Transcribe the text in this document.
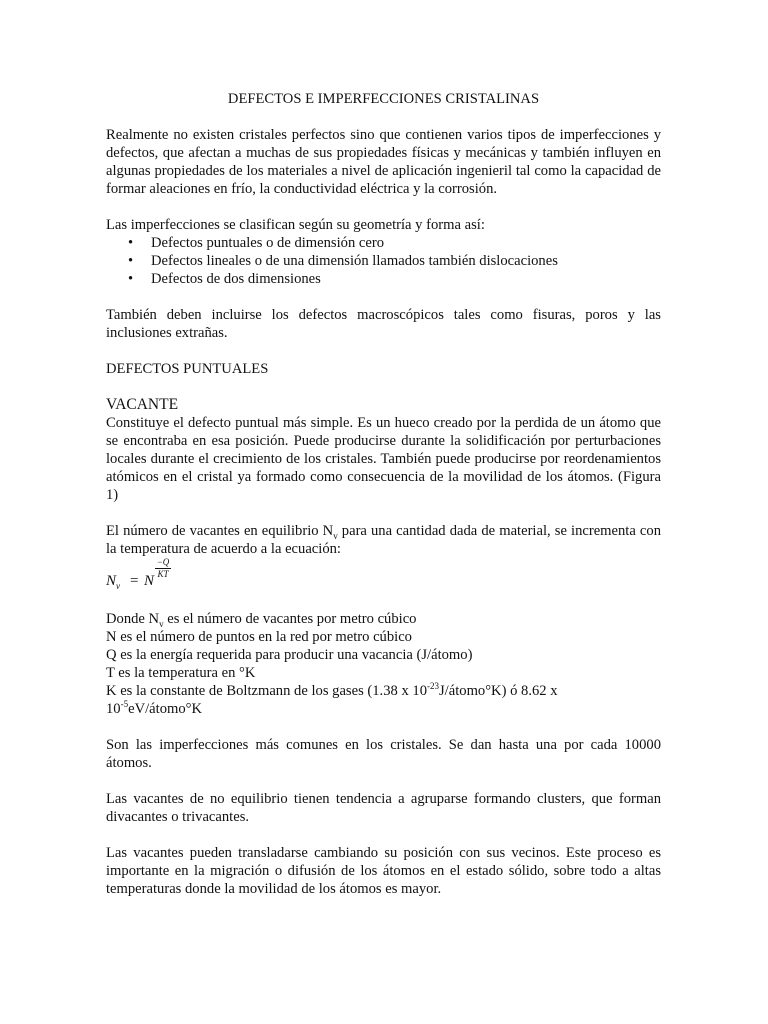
DEFECTOS E IMPERFECCIONES CRISTALINAS

Realmente no existen cristales perfectos sino que contienen varios tipos de imperfecciones y defectos, que afectan a muchas de sus propiedades físicas y mecánicas y también influyen en algunas propiedades de los materiales a nivel de aplicación ingenieril tal como la capacidad de formar aleaciones en frío, la conductividad eléctrica y la corrosión.

Las imperfecciones se clasifican según su geometría y forma así:

• Defectos puntuales o de dimensión cero
• Defectos lineales o de una dimensión llamados también dislocaciones
• Defectos de dos dimensiones

También deben incluirse los defectos macroscópicos tales como fisuras, poros y las inclusiones extrañas.

DEFECTOS PUNTUALES
VACANTE

Constituye el defecto puntual más simple. Es un hueco creado por la perdida de un átomo que se encontraba en esa posición. Puede producirse durante la solidificación por perturbaciones locales durante el crecimiento de los cristales. También puede producirse por reordenamientos atómicos en el cristal ya formado como consecuencia de la movilidad de los átomos. (Figura 1)

El número de vacantes en equilibrio $N_v$ para una cantidad dada de material, se incrementa con la temperatura de acuerdo a la ecuación:

$N_v = N$
$\frac{-Q}{KT}$

Donde $N_v$ es el número de vacantes por metro cúbico

N es el número de puntos en la red por metro cúbico

Q es la energía requerida para producir una vacancia (J/átomo)

T es la temperatura en °K

K es la constante de Boltzmann de los gases (1.38 x $10^{-23}J/átomo^\circ K$) ó 8.62 x

$10^{-5}eV/átomo^\circ K$

Son las imperfecciones más comunes en los cristales. Se dan hasta una por cada 10000 átomos.

Las vacantes de no equilibrio tienen tendencia a agruparse formando clusters, que forman divacantes o trivacantes.

Las vacantes pueden transladarse cambiando su posición con sus vecinos. Este proceso es importante en la migración o difusión de los átomos en el estado sólido, sobre todo a altas temperaturas donde la movilidad de los átomos es mayor.
